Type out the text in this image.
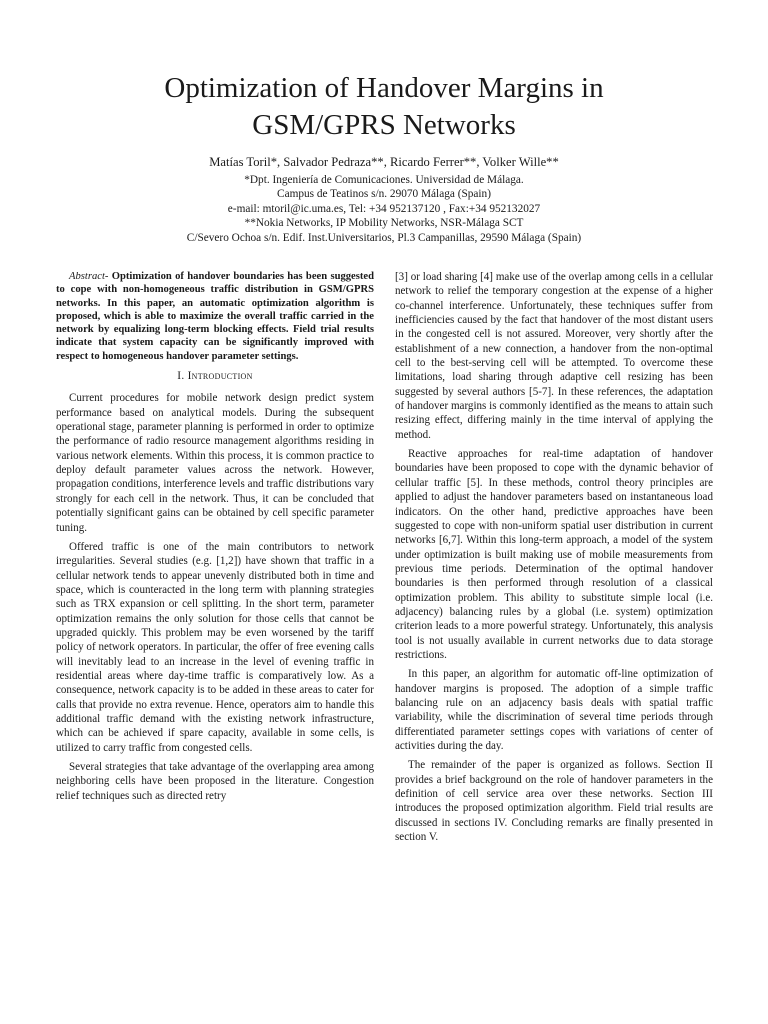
Optimization of Handover Margins in
GSM/GPRS Networks
Matías Toril*, Salvador Pedraza**, Ricardo Ferrer**, Volker Wille**
*Dpt. Ingeniería de Comunicaciones. Universidad de Málaga.
Campus de Teatinos s/n. 29070 Málaga (Spain)
e-mail: mtoril@ic.uma.es, Tel: +34 952137120 , Fax:+34 952132027
**Nokia Networks, IP Mobility Networks, NSR-Málaga SCT
C/Severo Ochoa s/n. Edif. Inst.Universitarios, Pl.3 Campanillas, 29590 Málaga (Spain)

Abstract- Optimization of handover boundaries has been suggested to cope with non-homogeneous traffic distribution in GSM/GPRS networks. In this paper, an automatic optimization algorithm is proposed, which is able to maximize the overall traffic carried in the network by equalizing long-term blocking effects. Field trial results indicate that system capacity can be significantly improved with respect to homogeneous handover parameter settings.

I. Introduction

Current procedures for mobile network design predict system performance based on analytical models. During the subsequent operational stage, parameter planning is performed in order to optimize the performance of radio resource management algorithms residing in various network elements. Within this process, it is common practice to deploy default parameter values across the network. However, propagation conditions, interference levels and traffic distributions vary strongly for each cell in the network. Thus, it can be concluded that potentially significant gains can be obtained by cell specific parameter tuning.

Offered traffic is one of the main contributors to network irregularities. Several studies (e.g. [1,2]) have shown that traffic in a cellular network tends to appear unevenly distributed both in time and space, which is counteracted in the long term with planning strategies such as TRX expansion or cell splitting. In the short term, parameter optimization remains the only solution for those cells that cannot be upgraded quickly. This problem may be even worsened by the tariff policy of network operators. In particular, the offer of free evening calls will inevitably lead to an increase in the level of evening traffic in residential areas where day-time traffic is comparatively low. As a consequence, network capacity is to be added in these areas to cater for calls that provide no extra revenue. Hence, operators aim to handle this additional traffic demand with the existing network infrastructure, which can be achieved if spare capacity, available in some cells, is utilized to carry traffic from congested cells.

Several strategies that take advantage of the overlapping area among neighboring cells have been proposed in the literature. Congestion relief techniques such as directed retry

[3] or load sharing [4] make use of the overlap among cells in a cellular network to relief the temporary congestion at the expense of a higher co-channel interference. Unfortunately, these techniques suffer from inefficiencies caused by the fact that handover of the most distant users in the congested cell is not assured. Moreover, very shortly after the establishment of a new connection, a handover from the non-optimal cell to the best-serving cell will be attempted. To overcome these limitations, load sharing through adaptive cell resizing has been suggested by several authors [5-7]. In these references, the adaptation of handover margins is commonly identified as the means to attain such resizing effect, differing mainly in the time interval of applying the method.

Reactive approaches for real-time adaptation of handover boundaries have been proposed to cope with the dynamic behavior of cellular traffic [5]. In these methods, control theory principles are applied to adjust the handover parameters based on instantaneous load indicators. On the other hand, predictive approaches have been suggested to cope with non-uniform spatial user distribution in current networks [6,7]. Within this long-term approach, a model of the system under optimization is built making use of mobile measurements from previous time periods. Determination of the optimal handover boundaries is then performed through resolution of a classical optimization problem. This ability to substitute simple local (i.e. adjacency) balancing rules by a global (i.e. system) optimization criterion leads to a more powerful strategy. Unfortunately, this analysis tool is not usually available in current networks due to data storage restrictions.

In this paper, an algorithm for automatic off-line optimization of handover margins is proposed. The adoption of a simple traffic balancing rule on an adjacency basis deals with spatial traffic variability, while the discrimination of several time periods through differentiated parameter settings copes with variations of center of activities during the day.

The remainder of the paper is organized as follows. Section II provides a brief background on the role of handover parameters in the definition of cell service area over these networks. Section III introduces the proposed optimization algorithm. Field trial results are discussed in sections IV. Concluding remarks are finally presented in section V.
